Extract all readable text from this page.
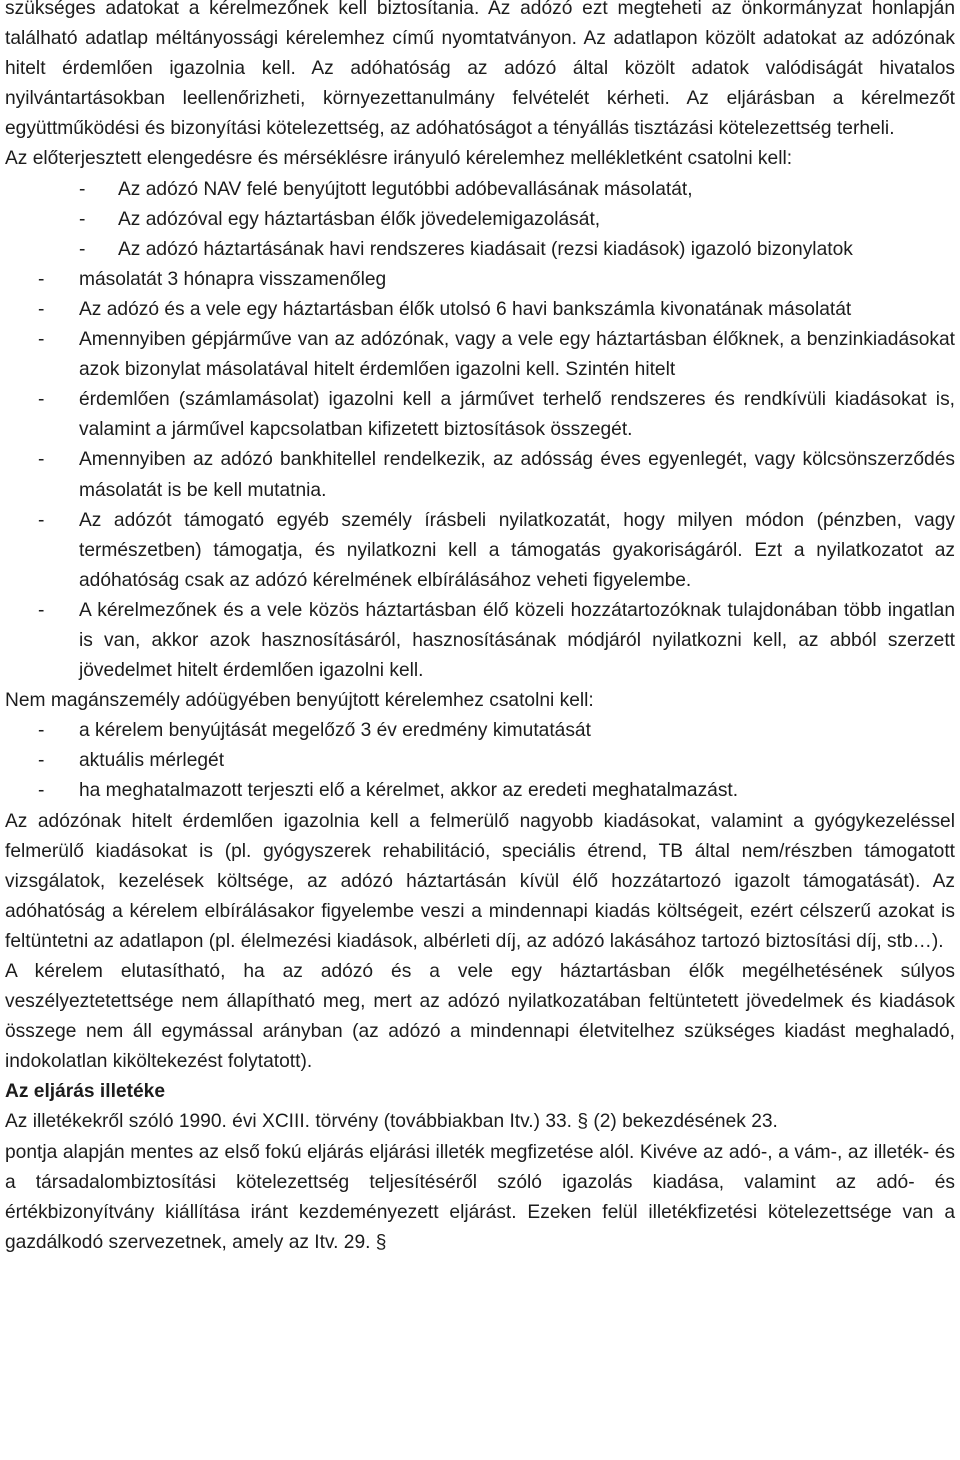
szükséges adatokat a kérelmezőnek kell biztosítania. Az adózó ezt megteheti az önkormányzat honlapján található adatlap méltányossági kérelemhez című nyomtatványon. Az adatlapon közölt adatokat az adózónak hitelt érdemlően igazolnia kell. Az adóhatóság az adózó által közölt adatok valódiságát hivatalos nyilvántartásokban leellenőrizheti, környezettanulmány felvételét kérheti. Az eljárásban a kérelmezőt együttműködési és bizonyítási kötelezettség, az adóhatóságot a tényállás tisztázási kötelezettség terheli.

Az előterjesztett elengedésre és mérséklésre irányuló kérelemhez mellékletként csatolni kell:

- Az adózó NAV felé benyújtott legutóbbi adóbevallásának másolatát,
- Az adózóval egy háztartásban élők jövedelemigazolását,
- Az adózó háztartásának havi rendszeres kiadásait (rezsi kiadások) igazoló bizonylatok
- másolatát 3 hónapra visszamenőleg
- Az adózó és a vele egy háztartásban élők utolsó 6 havi bankszámla kivonatának másolatát
- Amennyiben gépjárműve van az adózónak, vagy a vele egy háztartásban élőknek, a benzinkiadásokat azok bizonylat másolatával hitelt érdemlően igazolni kell. Szintén hitelt
- érdemlően (számlamásolat) igazolni kell a járművet terhelő rendszeres és rendkívüli kiadásokat is, valamint a járművel kapcsolatban kifizetett biztosítások összegét.
- Amennyiben az adózó bankhitellel rendelkezik, az adósság éves egyenlegét, vagy kölcsönszerződés másolatát is be kell mutatnia.
- Az adózót támogató egyéb személy írásbeli nyilatkozatát, hogy milyen módon (pénzben, vagy természetben) támogatja, és nyilatkozni kell a támogatás gyakoriságáról. Ezt a nyilatkozatot az adóhatóság csak az adózó kérelmének elbírálásához veheti figyelembe.
- A kérelmezőnek és a vele közös háztartásban élő közeli hozzátartozóknak tulajdonában több ingatlan is van, akkor azok hasznosításáról, hasznosításának módjáról nyilatkozni kell, az abból szerzett jövedelmet hitelt érdemlően igazolni kell.

Nem magánszemély adóügyében benyújtott kérelemhez csatolni kell:

- a kérelem benyújtását megelőző 3 év eredmény kimutatását
- aktuális mérlegét
- ha meghatalmazott terjeszti elő a kérelmet, akkor az eredeti meghatalmazást.

Az adózónak hitelt érdemlően igazolnia kell a felmerülő nagyobb kiadásokat, valamint a gyógykezeléssel felmerülő kiadásokat is (pl. gyógyszerek rehabilitáció, speciális étrend, TB által nem/részben támogatott vizsgálatok, kezelések költsége, az adózó háztartásán kívül élő hozzátartozó igazolt támogatását). Az adóhatóság a kérelem elbírálásakor figyelembe veszi a mindennapi kiadás költségeit, ezért célszerű azokat is feltüntetni az adatlapon (pl. élelmezési kiadások, albérleti díj, az adózó lakásához tartozó biztosítási díj, stb…).

A kérelem elutasítható, ha az adózó és a vele egy háztartásban élők megélhetésének súlyos veszélyeztetettsége nem állapítható meg, mert az adózó nyilatkozatában feltüntetett jövedelmek és kiadások összege nem áll egymással arányban (az adózó a mindennapi életvitelhez szükséges kiadást meghaladó, indokolatlan kiköltekezést folytatott).

Az eljárás illetéke

Az illetékekről szóló 1990. évi XCIII. törvény (továbbiakban Itv.) 33. § (2) bekezdésének 23.

pontja alapján mentes az első fokú eljárás eljárási illeték megfizetése alól. Kivéve az adó-, a vám-, az illeték- és a társadalombiztosítási kötelezettség teljesítéséről szóló igazolás kiadása, valamint az adó- és értékbizonyítvány kiállítása iránt kezdeményezett eljárást. Ezeken felül illetékfizetési kötelezettsége van a gazdálkodó szervezetnek, amely az Itv. 29. §
